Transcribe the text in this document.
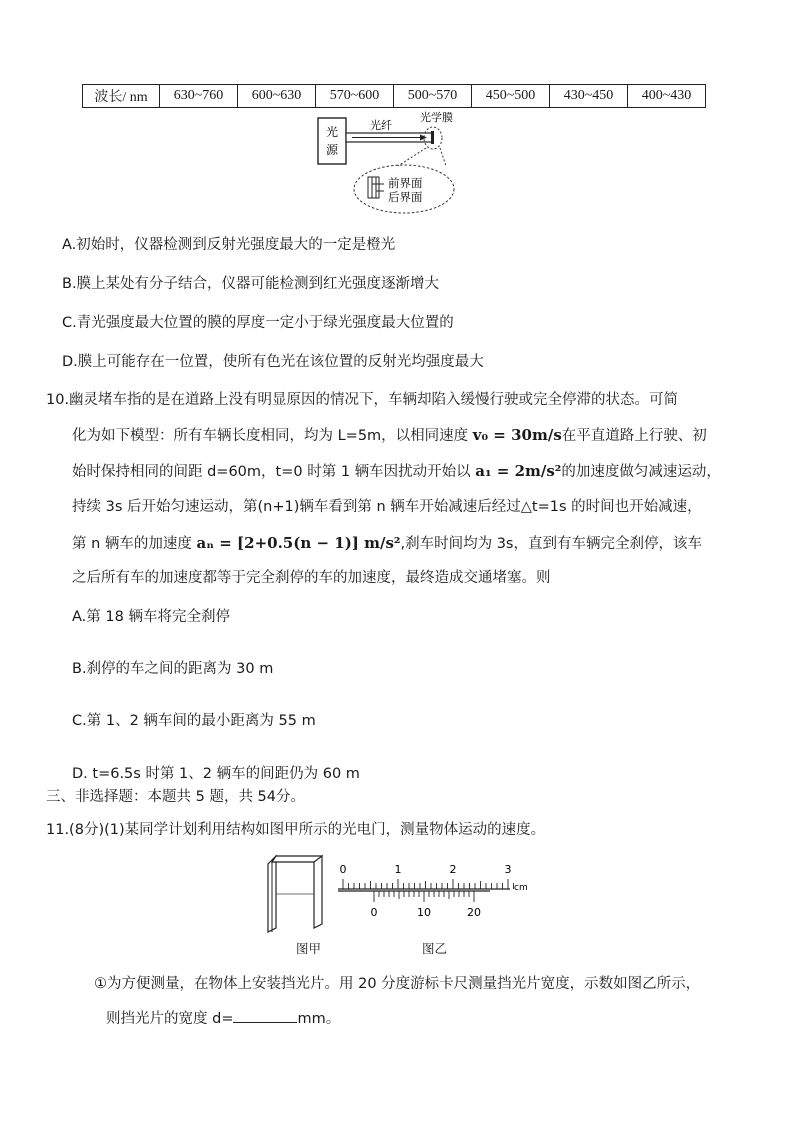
波长/ nm	630~760	600~630	570~600	500~570	450~500	430~450	400~430
光
源
光纤
光学膜
前界面
后界面
A.初始时，仪器检测到反射光强度最大的一定是橙光
B.膜上某处有分子结合，仪器可能检测到红光强度逐渐增大
C.青光强度最大位置的膜的厚度一定小于绿光强度最大位置的
D.膜上可能存在一位置，使所有色光在该位置的反射光均强度最大
10.幽灵堵车指的是在道路上没有明显原因的情况下，车辆却陷入缓慢行驶或完全停滞的状态。可简
化为如下模型：所有车辆长度相同，均为 L=5m，以相同速度 v₀ = 30m/s在平直道路上行驶、初
始时保持相同的间距 d=60m，t=0 时第 1 辆车因扰动开始以 a₁ = 2m/s²的加速度做匀减速运动，
持续 3s 后开始匀速运动，第(n+1)辆车看到第 n 辆车开始减速后经过△t=1s 的时间也开始减速，
第 n 辆车的加速度 aₙ = [2+0.5(n − 1)] m/s²,刹车时间均为 3s，直到有车辆完全刹停，该车
之后所有车的加速度都等于完全刹停的车的加速度，最终造成交通堵塞。则
A.第 18 辆车将完全刹停
B.刹停的车之间的距离为 30 m
C.第 1、2 辆车间的最小距离为 55 m
D. t=6.5s 时第 1、2 辆车的间距仍为 60 m
三、非选择题：本题共 5 题，共 54分。
11.(8分)(1)某同学计划利用结构如图甲所示的光电门，测量物体运动的速度。
图甲
0	1	2	3
cm
0	10	20
图乙
①为方便测量，在物体上安装挡光片。用 20 分度游标卡尺测量挡光片宽度，示数如图乙所示，
则挡光片的宽度 d=	mm。
